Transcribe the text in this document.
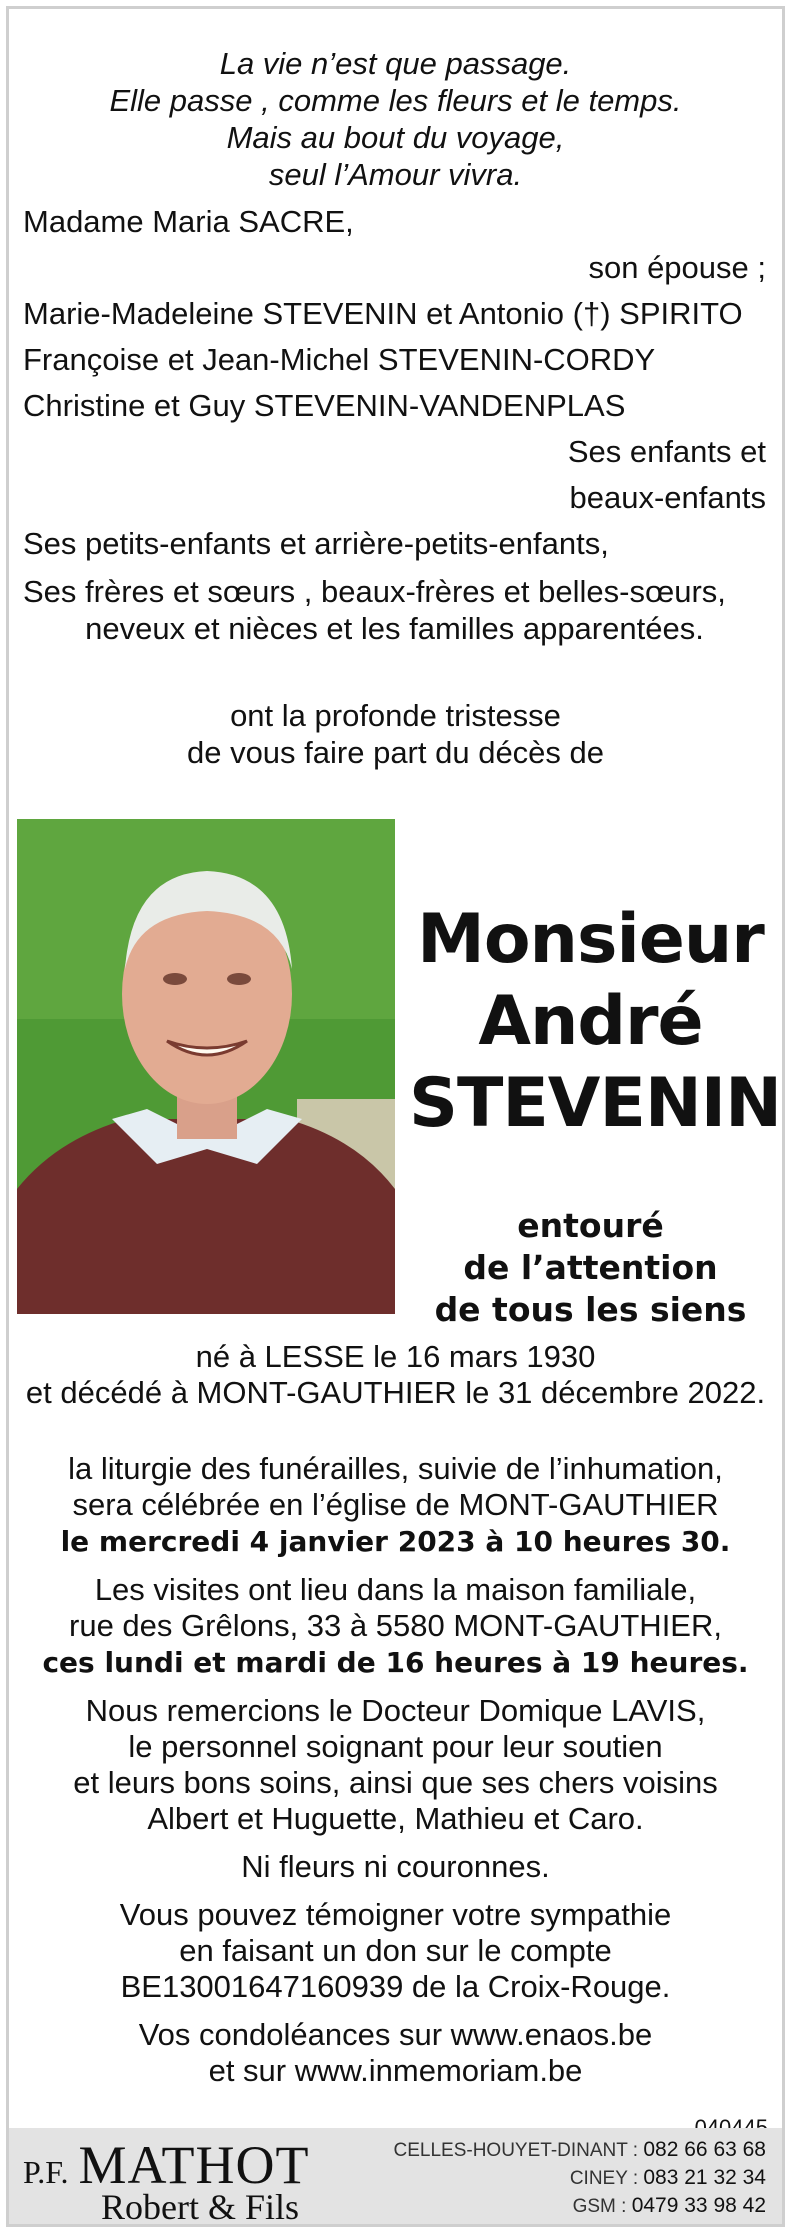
La vie n’est que passage.
Elle passe , comme les fleurs et le temps.
Mais au bout du voyage,
seul l’Amour vivra.
Madame Maria SACRE,
son épouse ;
Marie-Madeleine STEVENIN et Antonio (†) SPIRITO
Françoise et Jean-Michel STEVENIN-CORDY
Christine et Guy STEVENIN-VANDENPLAS
Ses enfants et
beaux-enfants
Ses petits-enfants et arrière-petits-enfants,
Ses frères et sœurs , beaux-frères et belles-sœurs,
neveux et nièces et les familles apparentées.
ont la profonde tristesse
de vous faire part du décès de
Monsieur
André
STEVENIN
entouré
de l’attention
de tous les siens
né à LESSE le 16 mars 1930
et décédé à MONT-GAUTHIER le 31 décembre 2022.
la liturgie des funérailles, suivie de l’inhumation,
sera célébrée en l’église de MONT-GAUTHIER
le mercredi 4 janvier 2023 à 10 heures 30.
Les visites ont lieu dans la maison familiale,
rue des Grêlons, 33 à 5580 MONT-GAUTHIER,
ces lundi et mardi de 16 heures à 19 heures.
Nous remercions le Docteur Domique LAVIS,
le personnel soignant pour leur soutien
et leurs bons soins, ainsi que ses chers voisins
Albert et Huguette, Mathieu et Caro.
Ni fleurs ni couronnes.
Vous pouvez témoigner votre sympathie
en faisant un don sur le compte
BE13001647160939 de la Croix-Rouge.
Vos condoléances sur www.enaos.be
et sur www.inmemoriam.be
P.F. MATHOT
Robert & Fils
CELLES-HOUYET-DINANT : 082 66 63 68
CINEY : 083 21 32 34
GSM : 0479 33 98 42
